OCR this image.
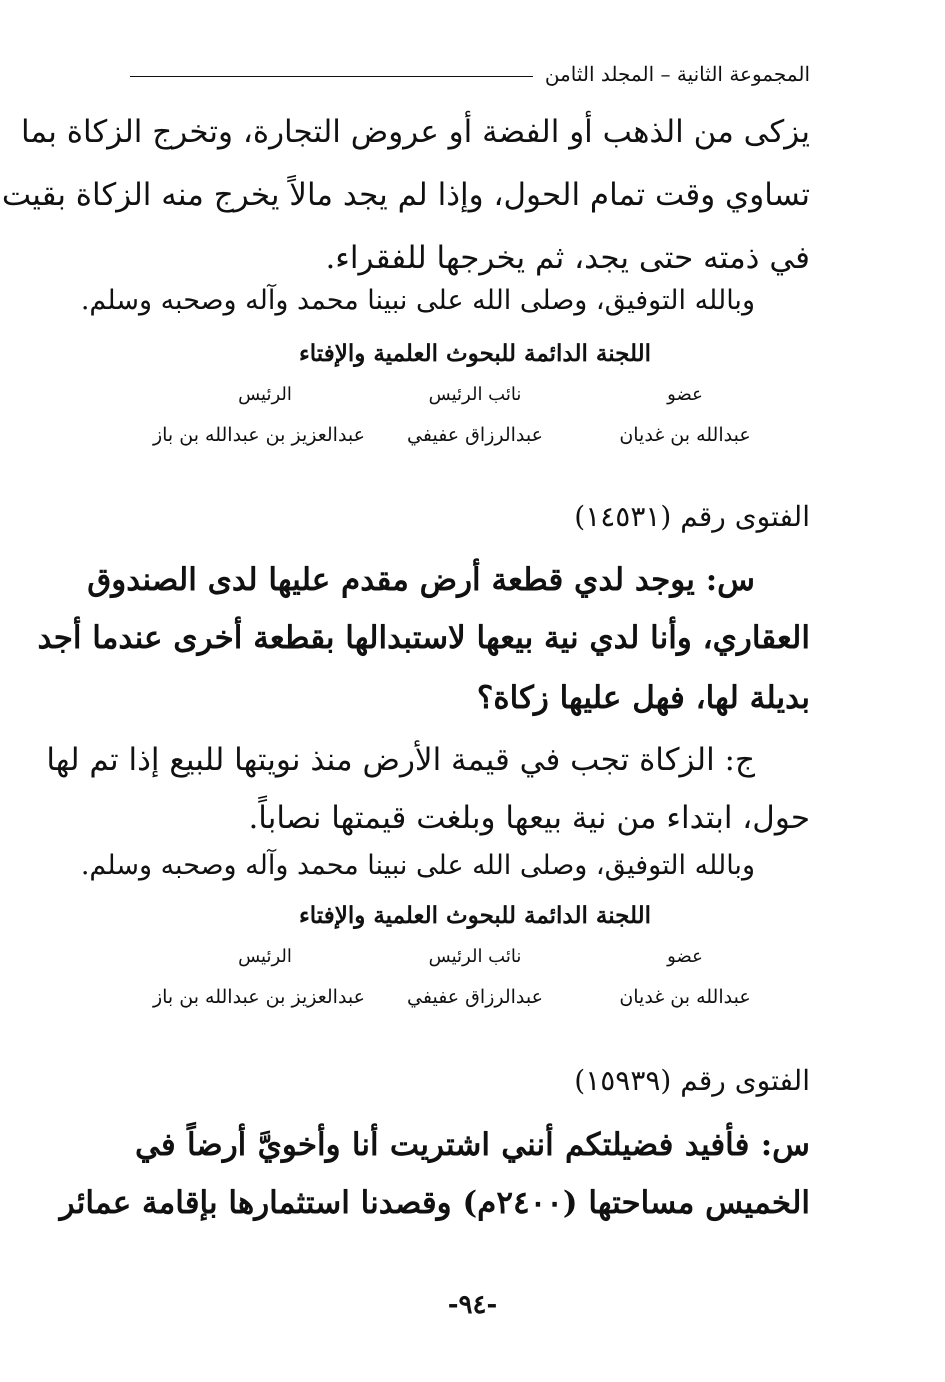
المجموعة الثانية – المجلد الثامن
يزكى من الذهب أو الفضة أو عروض التجارة، وتخرج الزكاة بما
تساوي وقت تمام الحول، وإذا لم يجد مالاً يخرج منه الزكاة بقيت
في ذمته حتى يجد، ثم يخرجها للفقراء.
وبالله التوفيق، وصلى الله على نبينا محمد وآله وصحبه وسلم.
اللجنة الدائمة للبحوث العلمية والإفتاء
عضو
نائب الرئيس
الرئيس
عبدالله بن غديان
عبدالرزاق عفيفي
عبدالعزيز بن عبدالله بن باز
الفتوى رقم (١٤٥٣١)
س: يوجد لدي قطعة أرض مقدم عليها لدى الصندوق
العقاري، وأنا لدي نية بيعها لاستبدالها بقطعة أخرى عندما أجد
بديلة لها، فهل عليها زكاة؟
ج: الزكاة تجب في قيمة الأرض منذ نويتها للبيع إذا تم لها
حول، ابتداء من نية بيعها وبلغت قيمتها نصاباً.
وبالله التوفيق، وصلى الله على نبينا محمد وآله وصحبه وسلم.
اللجنة الدائمة للبحوث العلمية والإفتاء
عضو
نائب الرئيس
الرئيس
عبدالله بن غديان
عبدالرزاق عفيفي
عبدالعزيز بن عبدالله بن باز
الفتوى رقم (١٥٩٣٩)
س: فأفيد فضيلتكم أنني اشتريت أنا وأخويَّ أرضاً في
الخميس مساحتها (٢٤٠٠م) وقصدنا استثمارها بإقامة عمائر
-٩٤-
